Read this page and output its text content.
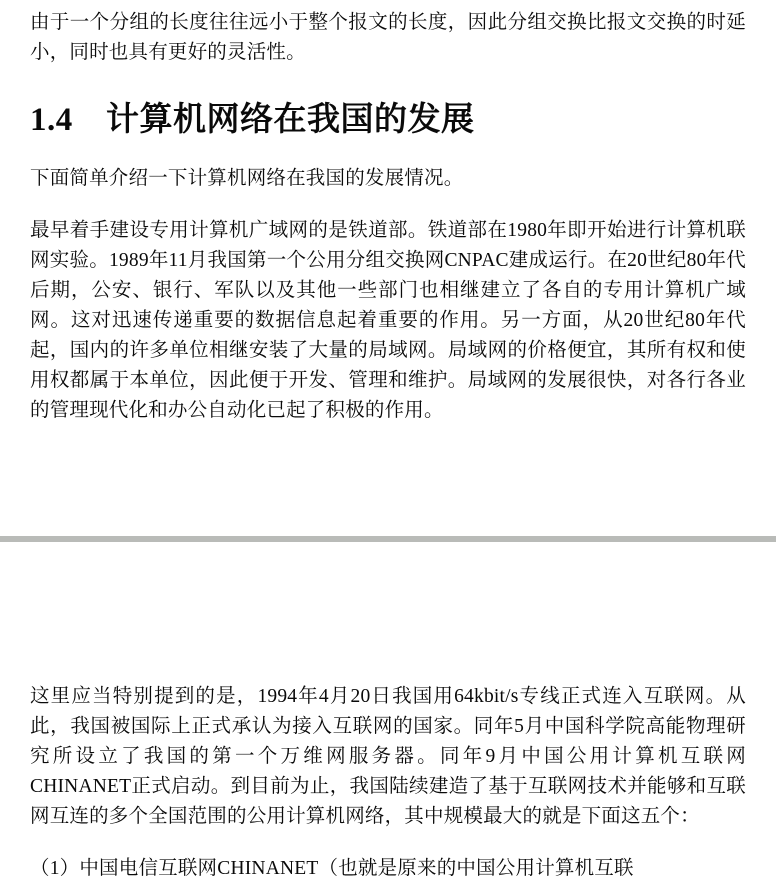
由于一个分组的长度往往远小于整个报文的长度，因此分组交换比报文交换的时延小，同时也具有更好的灵活性。

1.4 计算机网络在我国的发展

下面简单介绍一下计算机网络在我国的发展情况。

最早着手建设专用计算机广域网的是铁道部。铁道部在1980年即开始进行计算机联网实验。1989年11月我国第一个公用分组交换网CNPAC建成运行。在20世纪80年代后期，公安、银行、军队以及其他一些部门也相继建立了各自的专用计算机广域网。这对迅速传递重要的数据信息起着重要的作用。另一方面，从20世纪80年代起，国内的许多单位相继安装了大量的局域网。局域网的价格便宜，其所有权和使用权都属于本单位，因此便于开发、管理和维护。局域网的发展很快，对各行各业的管理现代化和办公自动化已起了积极的作用。

这里应当特别提到的是，1994年4月20日我国用64kbit/s专线正式连入互联网。从此，我国被国际上正式承认为接入互联网的国家。同年5月中国科学院高能物理研究所设立了我国的第一个万维网服务器。同年9月中国公用计算机互联网CHINANET正式启动。到目前为止，我国陆续建造了基于互联网技术并能够和互联网互连的多个全国范围的公用计算机网络，其中规模最大的就是下面这五个：

（1）中国电信互联网CHINANET（也就是原来的中国公用计算机互联
